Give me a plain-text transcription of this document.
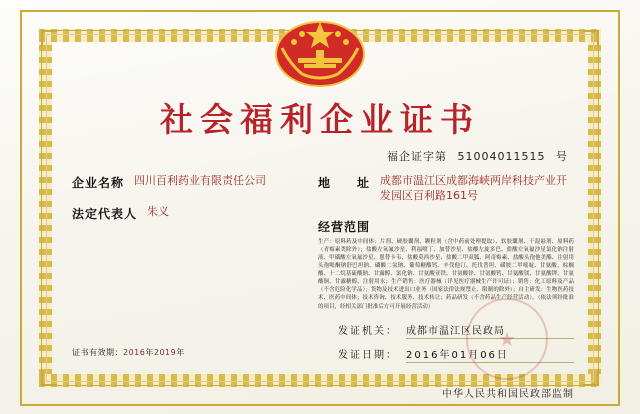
社会福利企业证书
福企证字第 51004011515 号
企业名称 四川百利药业有限责任公司
法定代表人 朱义
地　　址 成都市温江区成都海峡两岸科技产业开发园区百利路161号
经营范围
生产：原料药及中间体：片剂、硬胶囊剂、颗粒剂（含中药前处理提取）、软胶囊剂、干混悬剂、原料药（青霉素类除外）；盐酸左氧氟沙星、利福喷丁、加替沙星、盐酸左旋多巴、盐酸左氧氟沙星氯化钠注射液、甲磺酸左氧氟沙星、恩替卡韦、盐酸莫西沙星、盐酸二甲双胍、阿奇霉素、盐酸头孢他美酯、注射用头孢哌酮钠舒巴坦钠、磷酸二氢钠、葡萄糖酸钙、辛伐他汀、托伐普坦、磺胺二甲嘧啶、甘氨酸、棕榈酸、十二烷基硫酸钠、甘露醇、氯化钠、甘氨酸亚铁、甘氨酸锌、甘氨酸钙、甘氨酸镁、甘氨酸钾、甘氨酸铜、甘露糖醇、注射用水；生产销售：医疗器械（详见医疗器械生产许可证）；销售：化工原料及产品（不含危险化学品）；货物及技术进出口业务（国家法律法规禁止、限制的除外）；自主研发：生物医药技术、医药中间体；技术咨询、技术服务、技术转让；药品研发（不含药品生产经营活动）。（依法须经批准的项目，经相关部门批准后方可开展经营活动）
证书有效期：2016年2019年
发证机关： 成都市温江区民政局
发证日期： 2016年01月06日
★
中华人民共和国民政部监制
